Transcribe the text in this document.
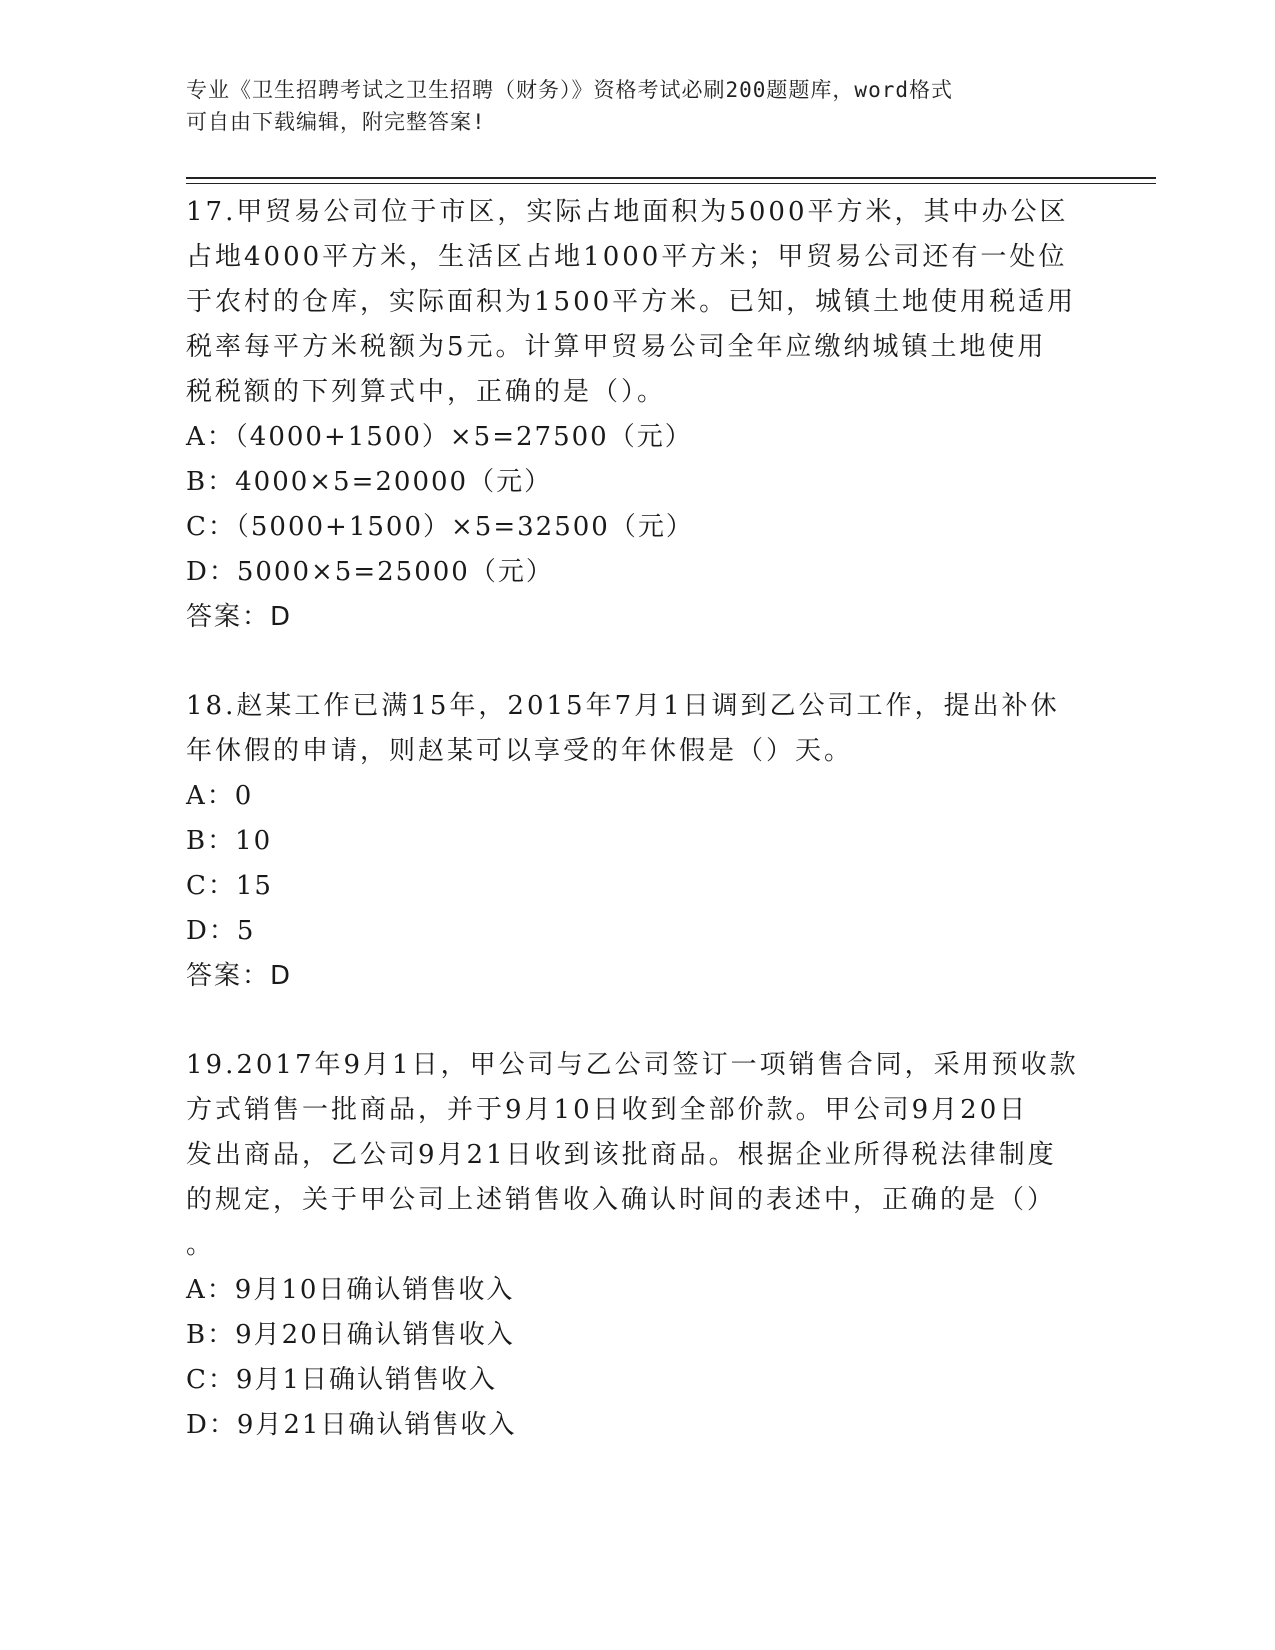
专业《卫生招聘考试之卫生招聘（财务）》资格考试必刷200题题库，word格式
可自由下载编辑，附完整答案!

17.甲贸易公司位于市区，实际占地面积为5000平方米，其中办公区

占地4000平方米，生活区占地1000平方米；甲贸易公司还有一处位

于农村的仓库，实际面积为1500平方米。已知，城镇土地使用税适用

税率每平方米税额为5元。计算甲贸易公司全年应缴纳城镇土地使用

税税额的下列算式中，正确的是（）。

A：（4000+1500）×5=27500（元）

B：4000×5=20000（元）

C：（5000+1500）×5=32500（元）

D：5000×5=25000（元）

答案：D

18.赵某工作已满15年，2015年7月1日调到乙公司工作，提出补休

年休假的申请，则赵某可以享受的年休假是（）天。

A：0

B：10

C：15

D：5

答案：D

19.2017年9月1日，甲公司与乙公司签订一项销售合同，采用预收款

方式销售一批商品，并于9月10日收到全部价款。甲公司9月20日

发出商品，乙公司9月21日收到该批商品。根据企业所得税法律制度

的规定，关于甲公司上述销售收入确认时间的表述中，正确的是（）

。

A：9月10日确认销售收入

B：9月20日确认销售收入

C：9月1日确认销售收入

D：9月21日确认销售收入
